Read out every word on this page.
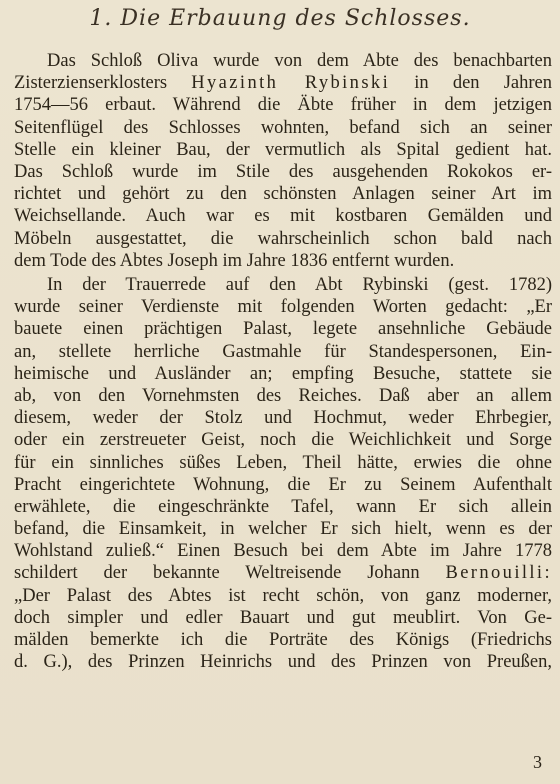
1. Die Erbauung des Schlosses.
Das Schloß Oliva wurde von dem Abte des benachbarten
Zisterzienserklosters Hyazinth Rybinski in den Jahren
1754—56 erbaut. Während die Äbte früher in dem jetzigen
Seitenflügel des Schlosses wohnten, befand sich an seiner
Stelle ein kleiner Bau, der vermutlich als Spital gedient hat.
Das Schloß wurde im Stile des ausgehenden Rokokos er-
richtet und gehört zu den schönsten Anlagen seiner Art im
Weichsellande. Auch war es mit kostbaren Gemälden und
Möbeln ausgestattet, die wahrscheinlich schon bald nach
dem Tode des Abtes Joseph im Jahre 1836 entfernt wurden.
In der Trauerrede auf den Abt Rybinski (gest. 1782)
wurde seiner Verdienste mit folgenden Worten gedacht: „Er
bauete einen prächtigen Palast, legete ansehnliche Gebäude
an, stellete herrliche Gastmahle für Standespersonen, Ein-
heimische und Ausländer an; empfing Besuche, stattete sie
ab, von den Vornehmsten des Reiches. Daß aber an allem
diesem, weder der Stolz und Hochmut, weder Ehrbegier,
oder ein zerstreueter Geist, noch die Weichlichkeit und Sorge
für ein sinnliches süßes Leben, Theil hätte, erwies die ohne
Pracht eingerichtete Wohnung, die Er zu Seinem Aufenthalt
erwählete, die eingeschränkte Tafel, wann Er sich allein
befand, die Einsamkeit, in welcher Er sich hielt, wenn es der
Wohlstand zuließ.“ Einen Besuch bei dem Abte im Jahre 1778
schildert der bekannte Weltreisende Johann Bernouilli:
„Der Palast des Abtes ist recht schön, von ganz moderner,
doch simpler und edler Bauart und gut meublirt. Von Ge-
mälden bemerkte ich die Porträte des Königs (Friedrichs
d. G.), des Prinzen Heinrichs und des Prinzen von Preußen,
3
